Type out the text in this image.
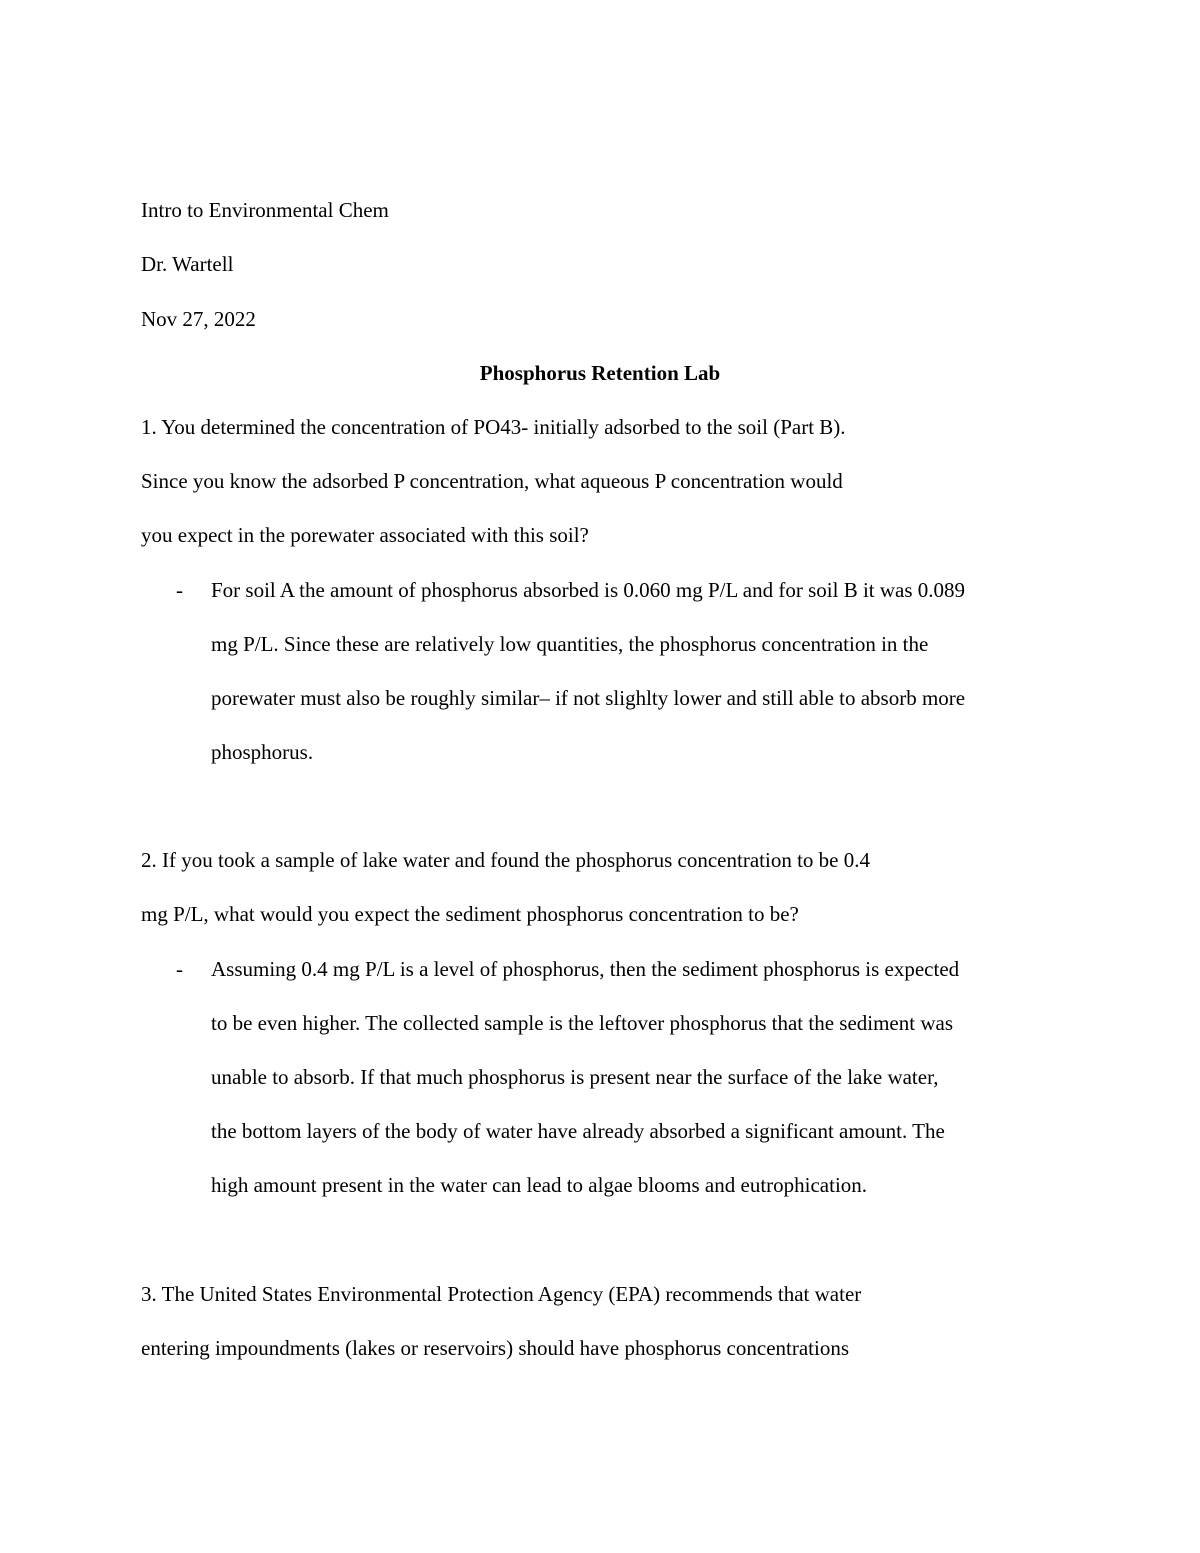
Intro to Environmental Chem
Dr. Wartell
Nov 27, 2022
Phosphorus Retention Lab
1. You determined the concentration of PO43- initially adsorbed to the soil (Part B).
Since you know the adsorbed P concentration, what aqueous P concentration would
you expect in the porewater associated with this soil?
- For soil A the amount of phosphorus absorbed is 0.060 mg P/L and for soil B it was 0.089
mg P/L. Since these are relatively low quantities, the phosphorus concentration in the
porewater must also be roughly similar– if not slighlty lower and still able to absorb more
phosphorus.
2. If you took a sample of lake water and found the phosphorus concentration to be 0.4
mg P/L, what would you expect the sediment phosphorus concentration to be?
- Assuming 0.4 mg P/L is a level of phosphorus, then the sediment phosphorus is expected
to be even higher. The collected sample is the leftover phosphorus that the sediment was
unable to absorb. If that much phosphorus is present near the surface of the lake water,
the bottom layers of the body of water have already absorbed a significant amount. The
high amount present in the water can lead to algae blooms and eutrophication.
3. The United States Environmental Protection Agency (EPA) recommends that water
entering impoundments (lakes or reservoirs) should have phosphorus concentrations
